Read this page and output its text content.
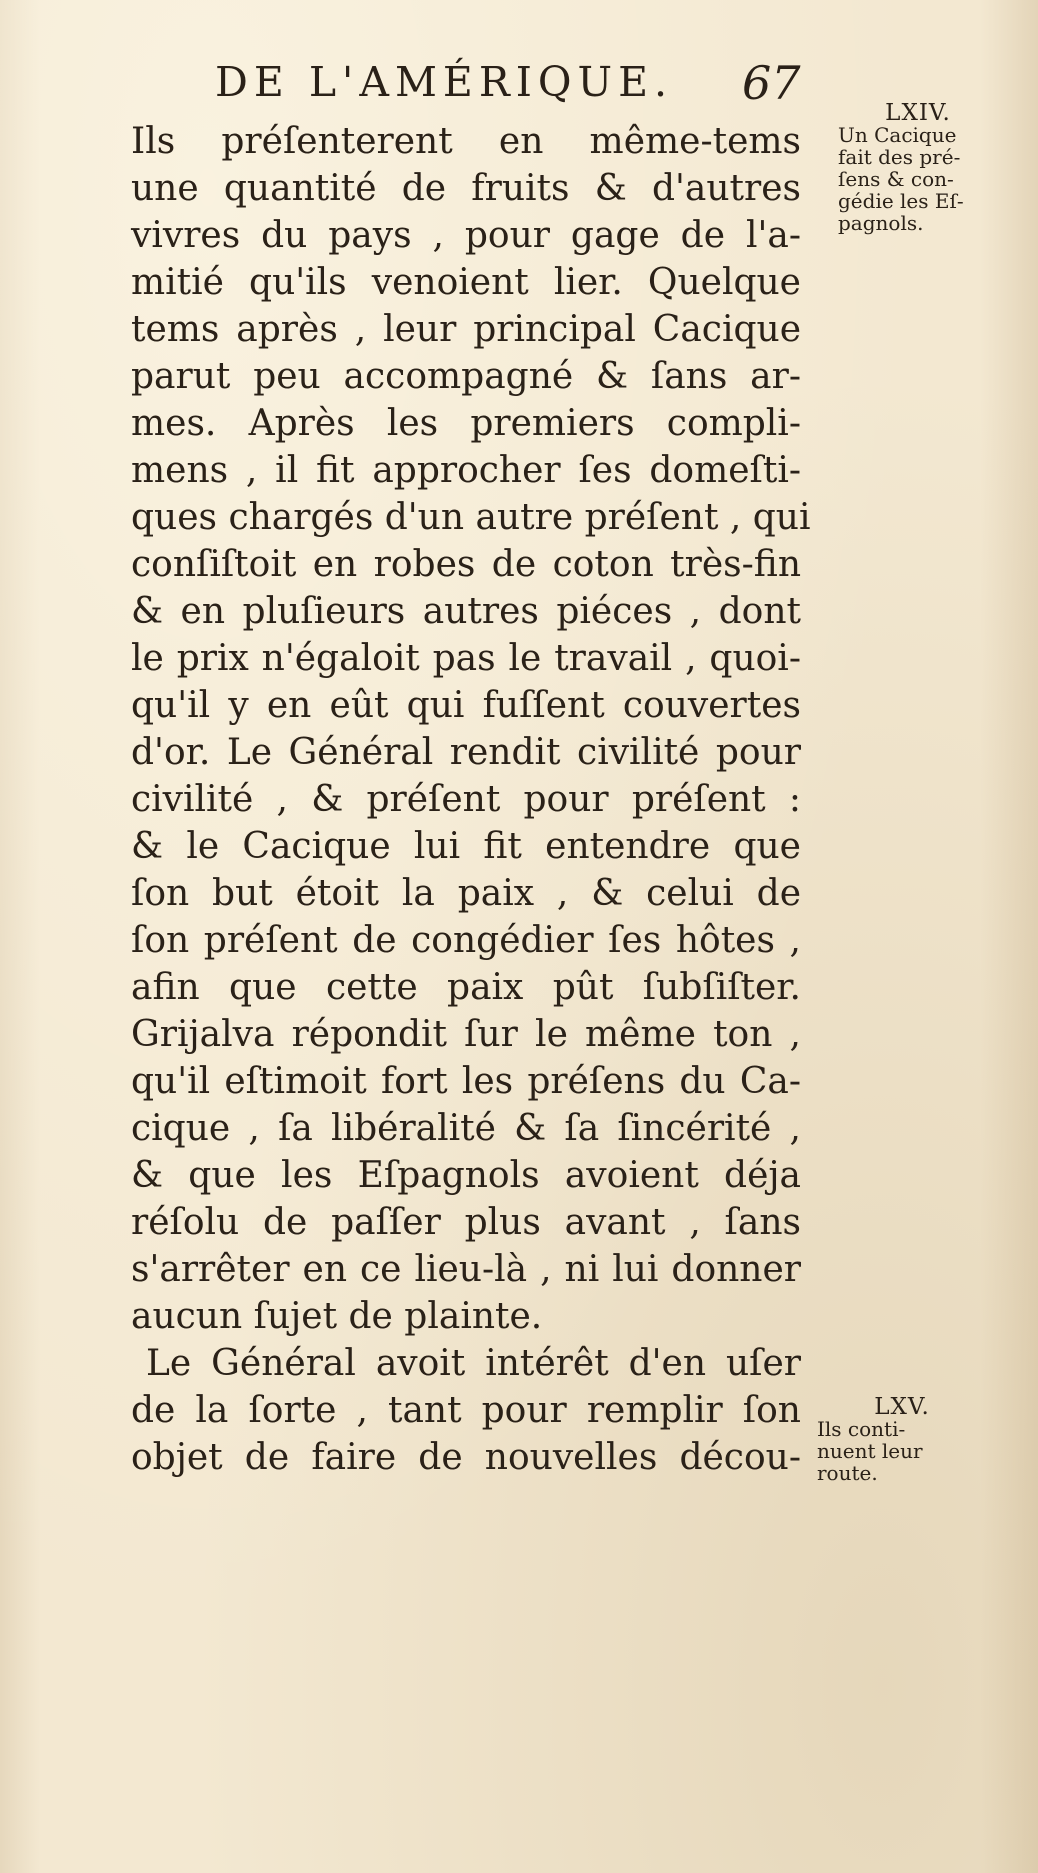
DE L'AMÉRIQUE. 67
Ils préſenterent en même-tems
une quantité de fruits & d'autres
vivres du pays , pour gage de l'a-
mitié qu'ils venoient lier. Quelque
tems après , leur principal Cacique
parut peu accompagné & ſans ar-
mes. Après les premiers compli-
mens , il fit approcher ſes domeſti-
ques chargés d'un autre préſent , qui
conſiſtoit en robes de coton très-fin
& en pluſieurs autres piéces , dont
le prix n'égaloit pas le travail , quoi-
qu'il y en eût qui fuſſent couvertes
d'or. Le Général rendit civilité pour
civilité , & préſent pour préſent :
& le Cacique lui fit entendre que
ſon but étoit la paix , & celui de
ſon préſent de congédier ſes hôtes ,
afin que cette paix pût ſubſiſter.
Grijalva répondit ſur le même ton ,
qu'il eſtimoit fort les préſens du Ca-
cique , ſa libéralité & ſa ſincérité ,
& que les Eſpagnols avoient déja
réſolu de paſſer plus avant , ſans
s'arrêter en ce lieu-là , ni lui donner
aucun ſujet de plainte.
Le Général avoit intérêt d'en uſer
de la ſorte , tant pour remplir ſon
objet de faire de nouvelles décou-
LXIV.
Un Cacique
fait des pré-
ſens & con-
gédie les Eſ-
pagnols.
LXV.
Ils conti-
nuent leur
route.
